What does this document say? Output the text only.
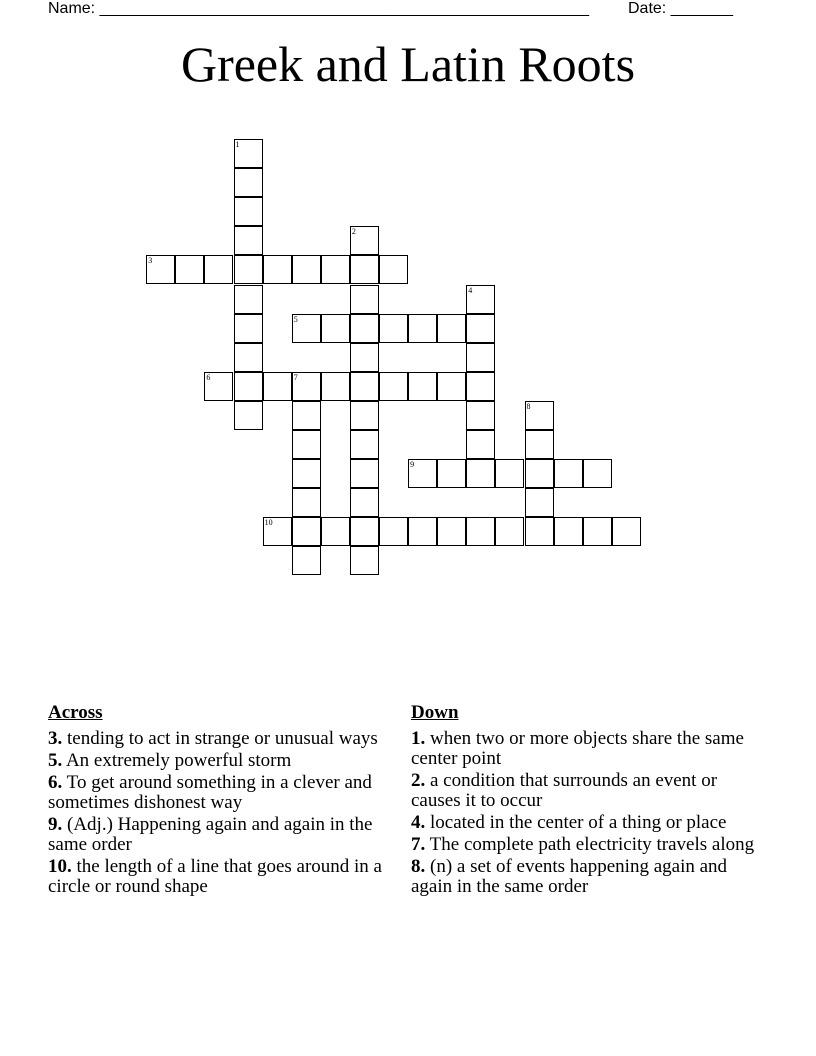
Name: _______________________________________________________ Date: _______
Greek and Latin Roots
1
2
3
4
5
6	7
8
9
10
Across
3. tending to act in strange or unusual ways
5. An extremely powerful storm
6. To get around something in a clever and sometimes dishonest way
9. (Adj.) Happening again and again in the same order
10. the length of a line that goes around in a circle or round shape
Down
1. when two or more objects share the same center point
2. a condition that surrounds an event or causes it to occur
4. located in the center of a thing or place
7. The complete path electricity travels along
8. (n) a set of events happening again and again in the same order
